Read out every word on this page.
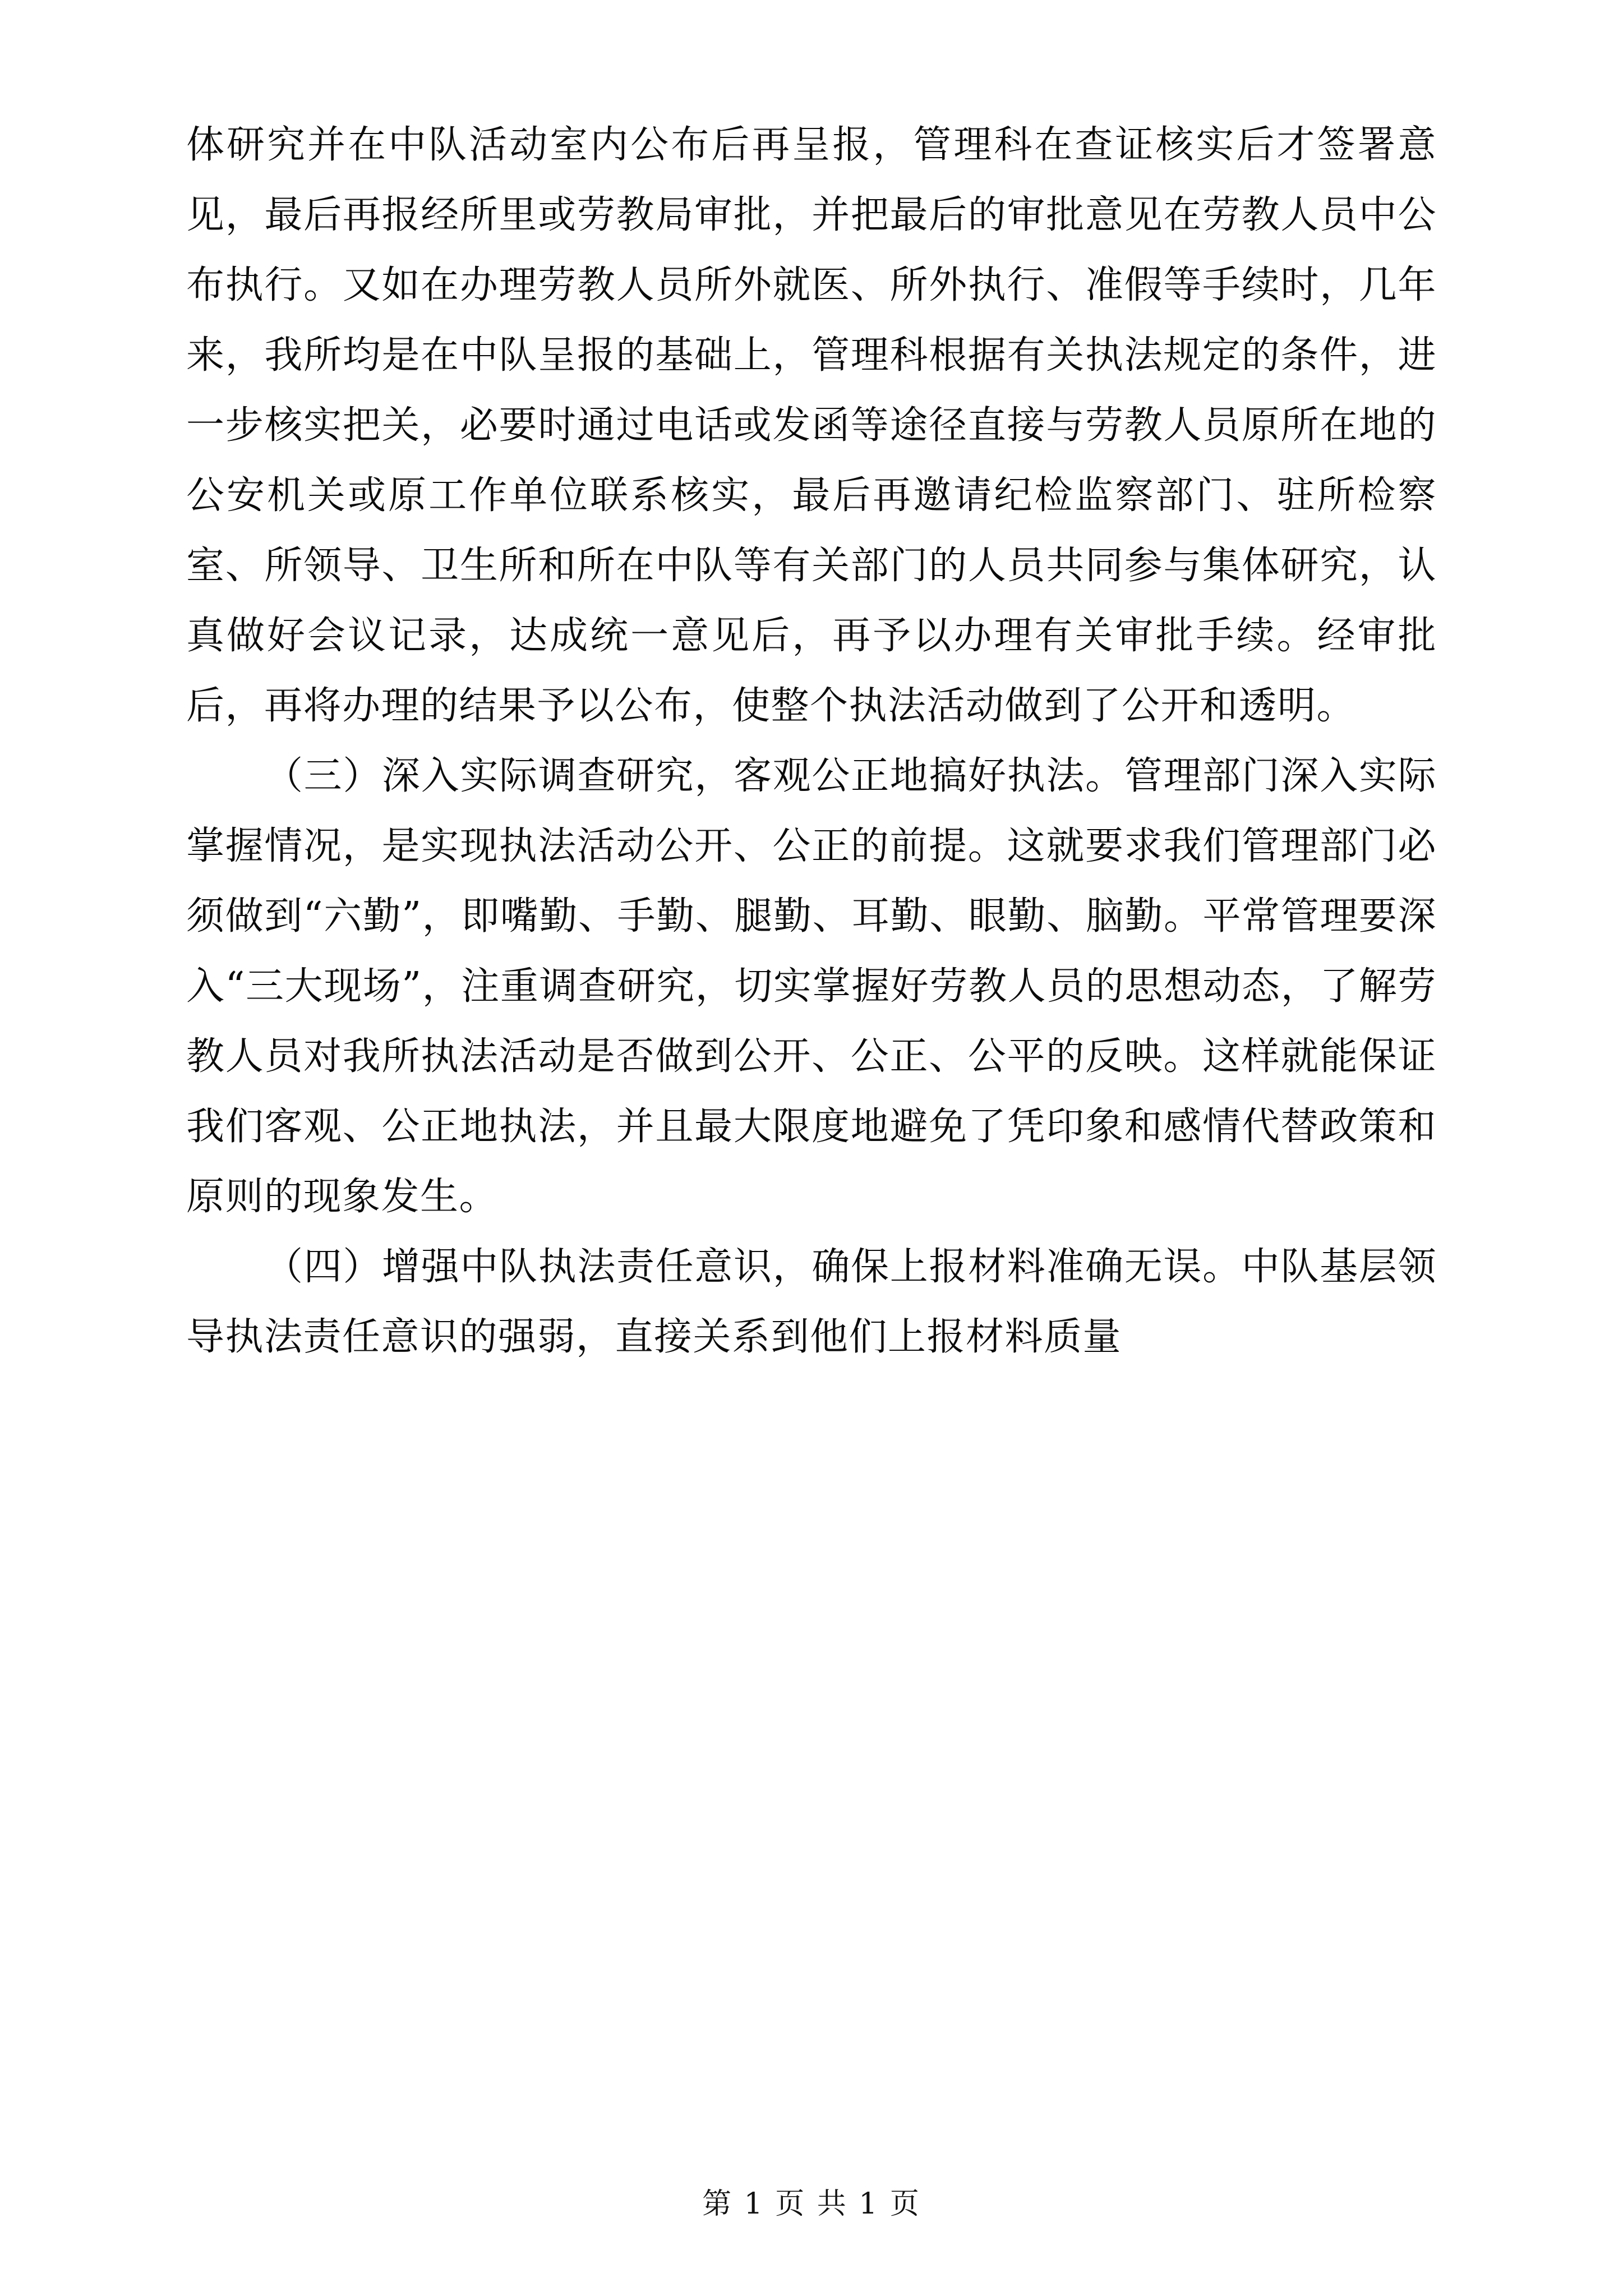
体研究并在中队活动室内公布后再呈报，管理科在查证核实后才签署意见，最后再报经所里或劳教局审批，并把最后的审批意见在劳教人员中公布执行。又如在办理劳教人员所外就医、所外执行、准假等手续时，几年来，我所均是在中队呈报的基础上，管理科根据有关执法规定的条件，进一步核实把关，必要时通过电话或发函等途径直接与劳教人员原所在地的公安机关或原工作单位联系核实，最后再邀请纪检监察部门、驻所检察室、所领导、卫生所和所在中队等有关部门的人员共同参与集体研究，认真做好会议记录，达成统一意见后，再予以办理有关审批手续。经审批后，再将办理的结果予以公布，使整个执法活动做到了公开和透明。

（三）深入实际调查研究，客观公正地搞好执法。管理部门深入实际掌握情况，是实现执法活动公开、公正的前提。这就要求我们管理部门必须做到“六勤”，即嘴勤、手勤、腿勤、耳勤、眼勤、脑勤。平常管理要深入“三大现场”，注重调查研究，切实掌握好劳教人员的思想动态，了解劳教人员对我所执法活动是否做到公开、公正、公平的反映。这样就能保证我们客观、公正地执法，并且最大限度地避免了凭印象和感情代替政策和原则的现象发生。

（四）增强中队执法责任意识，确保上报材料准确无误。中队基层领导执法责任意识的强弱，直接关系到他们上报材料质量

第 1 页 共 1 页
